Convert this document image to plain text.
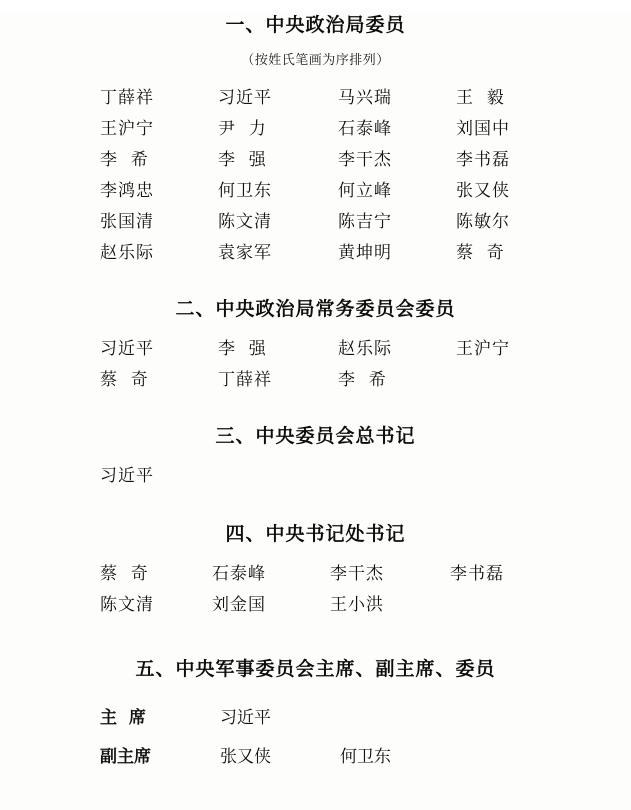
一、中央政治局委员
（按姓氏笔画为序排列）
丁薛祥	习近平	马兴瑞	王  毅
王沪宁	尹  力	石泰峰	刘国中
李  希	李  强	李干杰	李书磊
李鸿忠	何卫东	何立峰	张又侠
张国清	陈文清	陈吉宁	陈敏尔
赵乐际	袁家军	黄坤明	蔡  奇
二、中央政治局常务委员会委员
习近平	李  强	赵乐际	王沪宁
蔡  奇	丁薛祥	李  希
三、中央委员会总书记
习近平
四、中央书记处书记
蔡  奇	石泰峰	李干杰	李书磊
陈文清	刘金国	王小洪
五、中央军事委员会主席、副主席、委员
主  席	习近平
副主席	张又侠	何卫东
